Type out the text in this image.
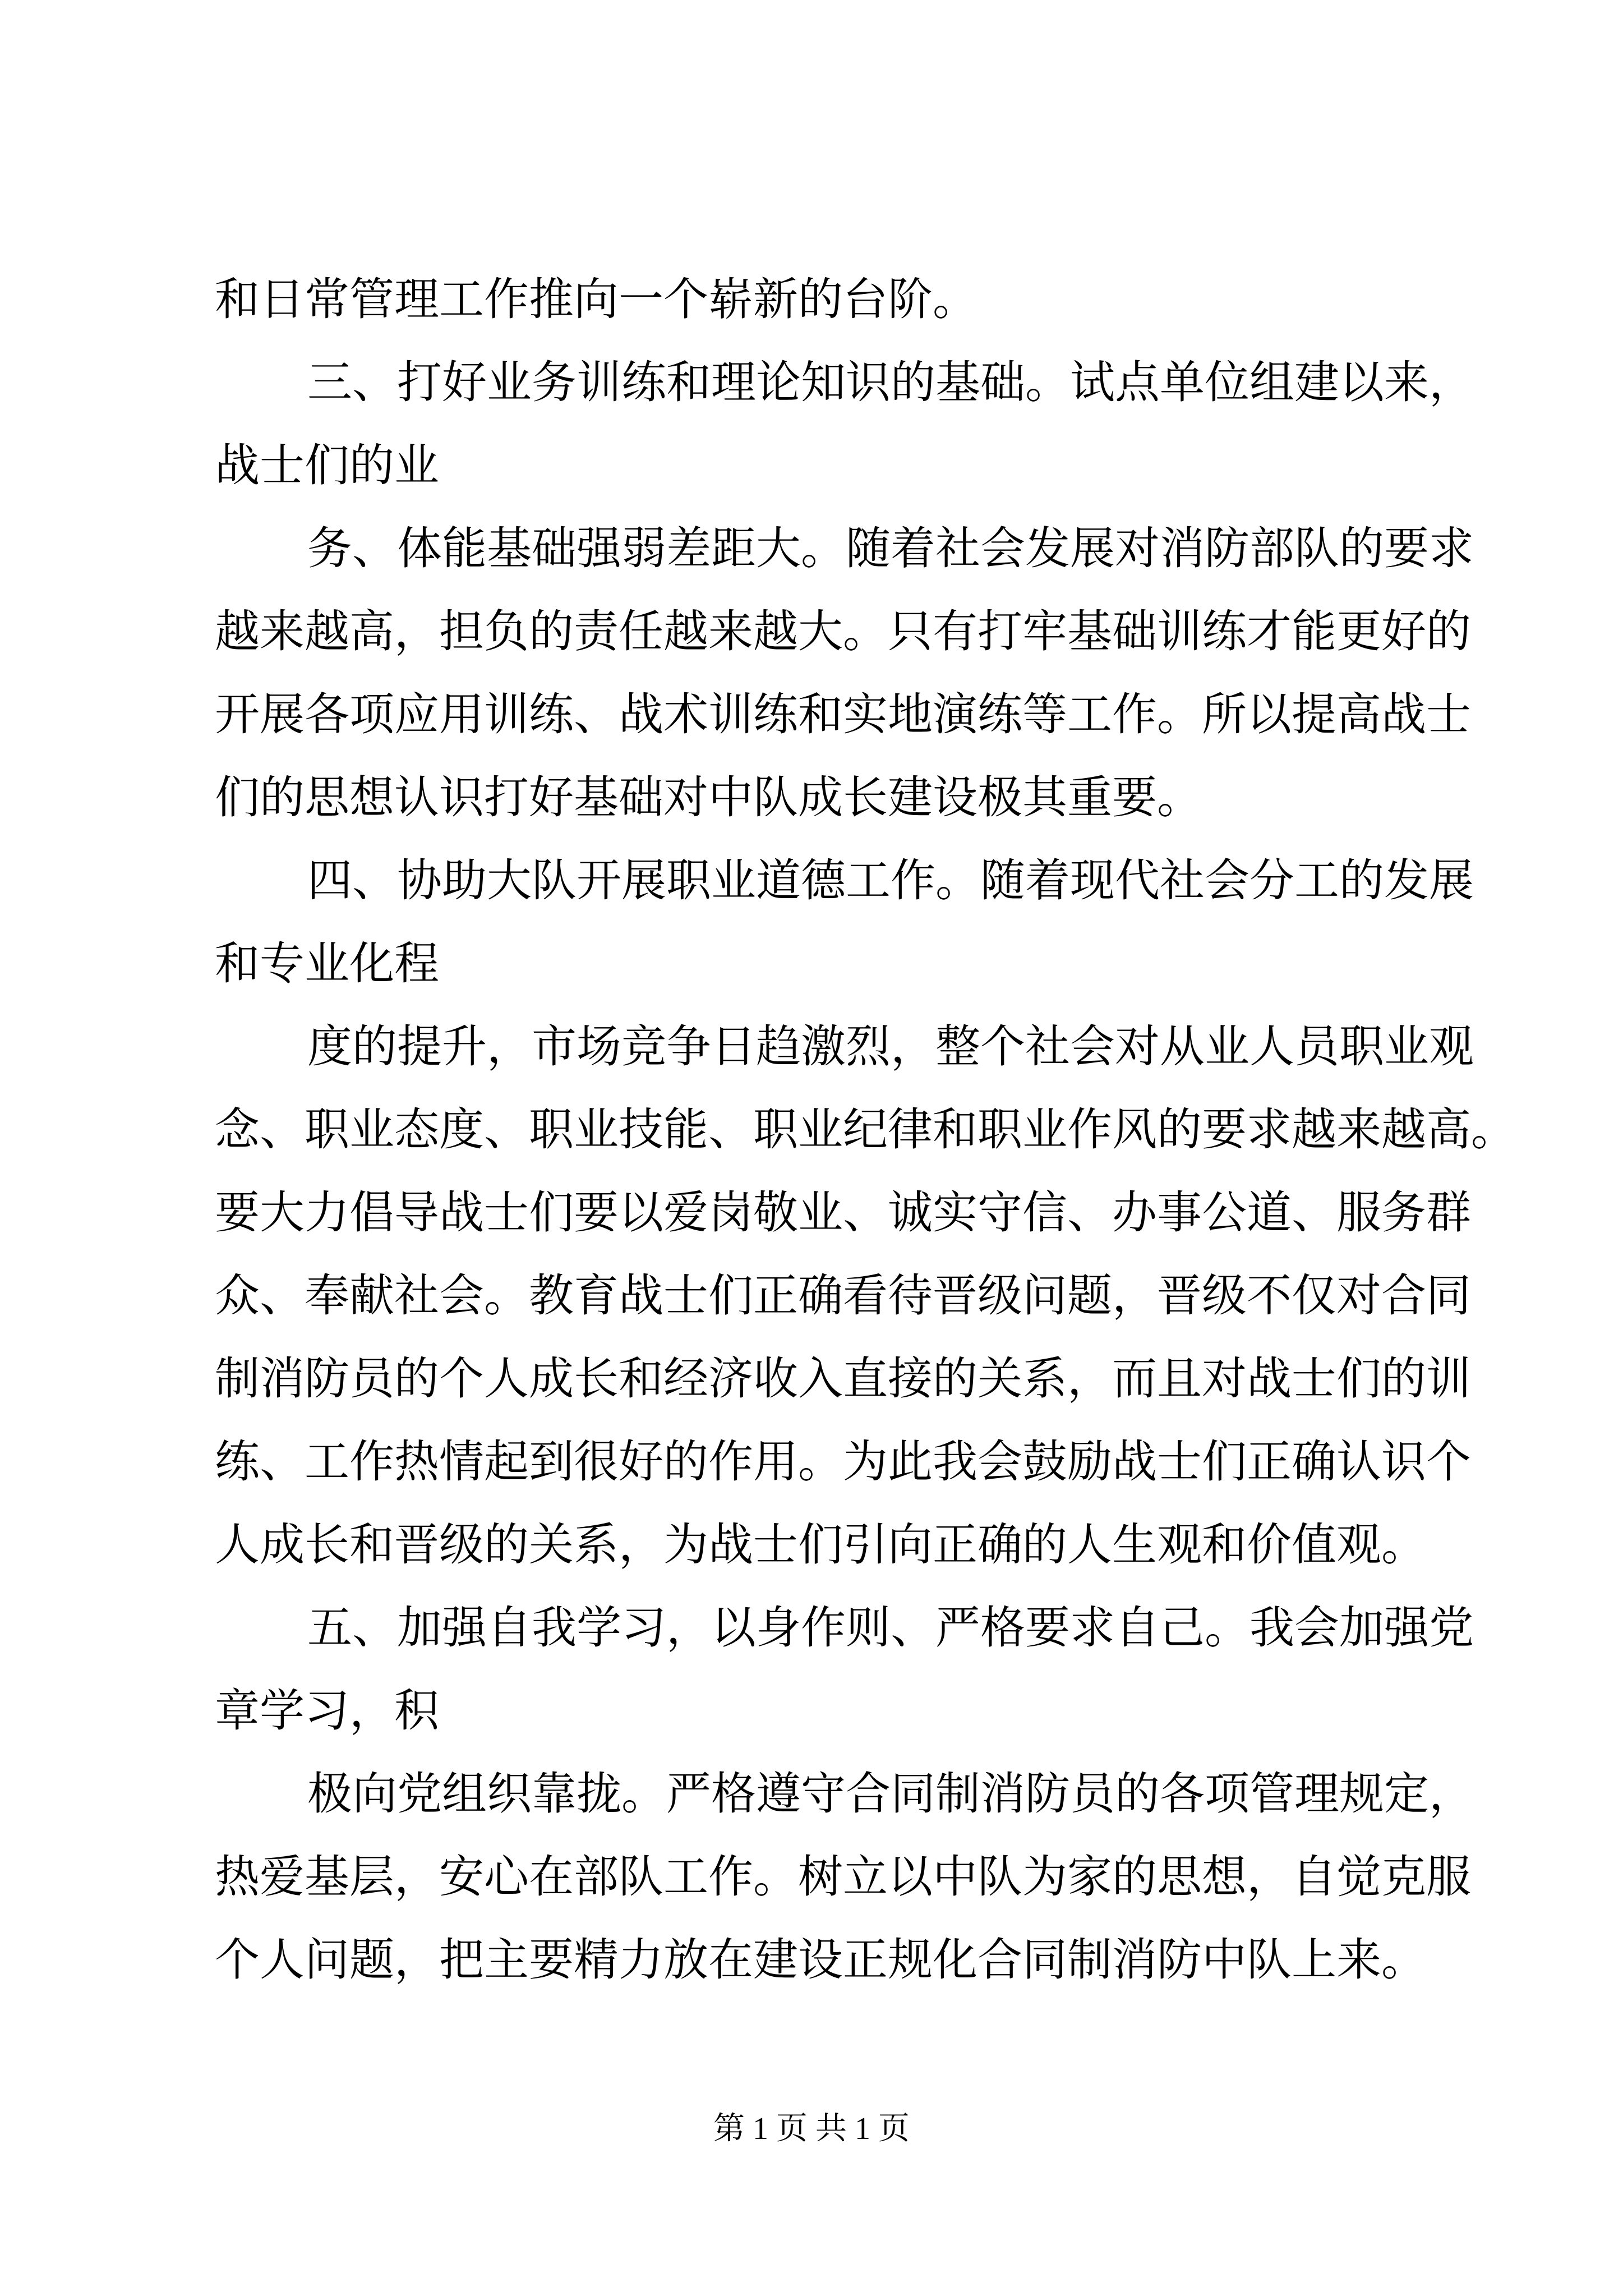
和日常管理工作推向一个崭新的台阶。
三、打好业务训练和理论知识的基础。试点单位组建以来，
战士们的业
务、体能基础强弱差距大。随着社会发展对消防部队的要求
越来越高，担负的责任越来越大。只有打牢基础训练才能更好的
开展各项应用训练、战术训练和实地演练等工作。所以提高战士
们的思想认识打好基础对中队成长建设极其重要。
四、协助大队开展职业道德工作。随着现代社会分工的发展
和专业化程
度的提升，市场竞争日趋激烈，整个社会对从业人员职业观
念、职业态度、职业技能、职业纪律和职业作风的要求越来越高。
要大力倡导战士们要以爱岗敬业、诚实守信、办事公道、服务群
众、奉献社会。教育战士们正确看待晋级问题，晋级不仅对合同
制消防员的个人成长和经济收入直接的关系，而且对战士们的训
练、工作热情起到很好的作用。为此我会鼓励战士们正确认识个
人成长和晋级的关系，为战士们引向正确的人生观和价值观。
五、加强自我学习，以身作则、严格要求自己。我会加强党
章学习，积
极向党组织靠拢。严格遵守合同制消防员的各项管理规定，
热爱基层，安心在部队工作。树立以中队为家的思想，自觉克服
个人问题，把主要精力放在建设正规化合同制消防中队上来。
第 1 页 共 1 页
